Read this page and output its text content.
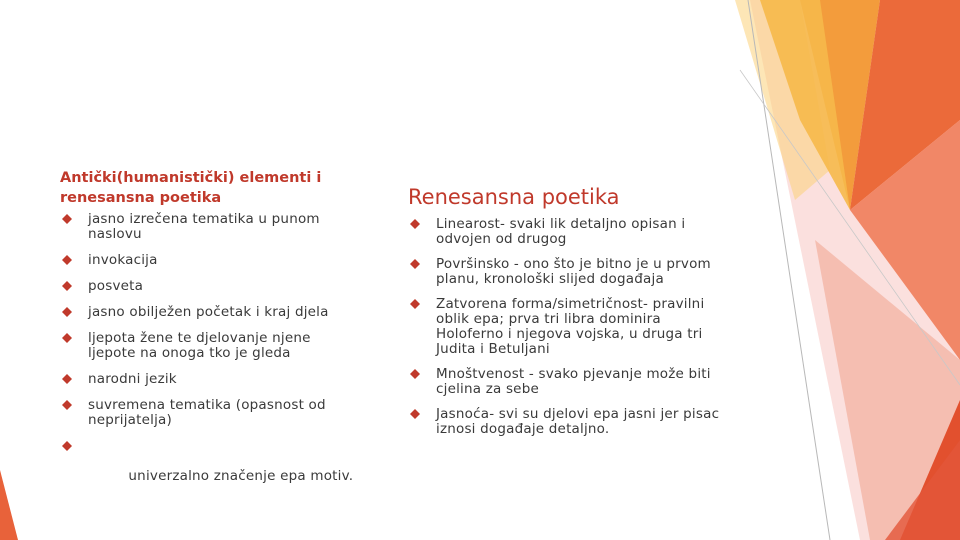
Antički(humanistički) elementi i renesansna poetika
jasno izrečena tematika u punom naslovu
invokacija
posveta
jasno obilježen početak i kraj djela
ljepota žene te djelovanje njene ljepote na onoga tko je gleda
narodni jezik
suvremena tematika (opasnost od neprijatelja)

univerzalno značenje epa motiv.

Renesansna poetika
Linearost- svaki lik detaljno opisan i odvojen od drugog
Površinsko - ono što je bitno je u prvom planu, kronološki slijed događaja
Zatvorena forma/simetričnost- pravilni oblik epa; prva tri libra dominira Holoferno i njegova vojska, u druga tri Judita i Betuljani
Mnoštvenost - svako pjevanje može biti cjelina za sebe
Jasnoća- svi su djelovi epa jasni jer pisac iznosi događaje detaljno.
